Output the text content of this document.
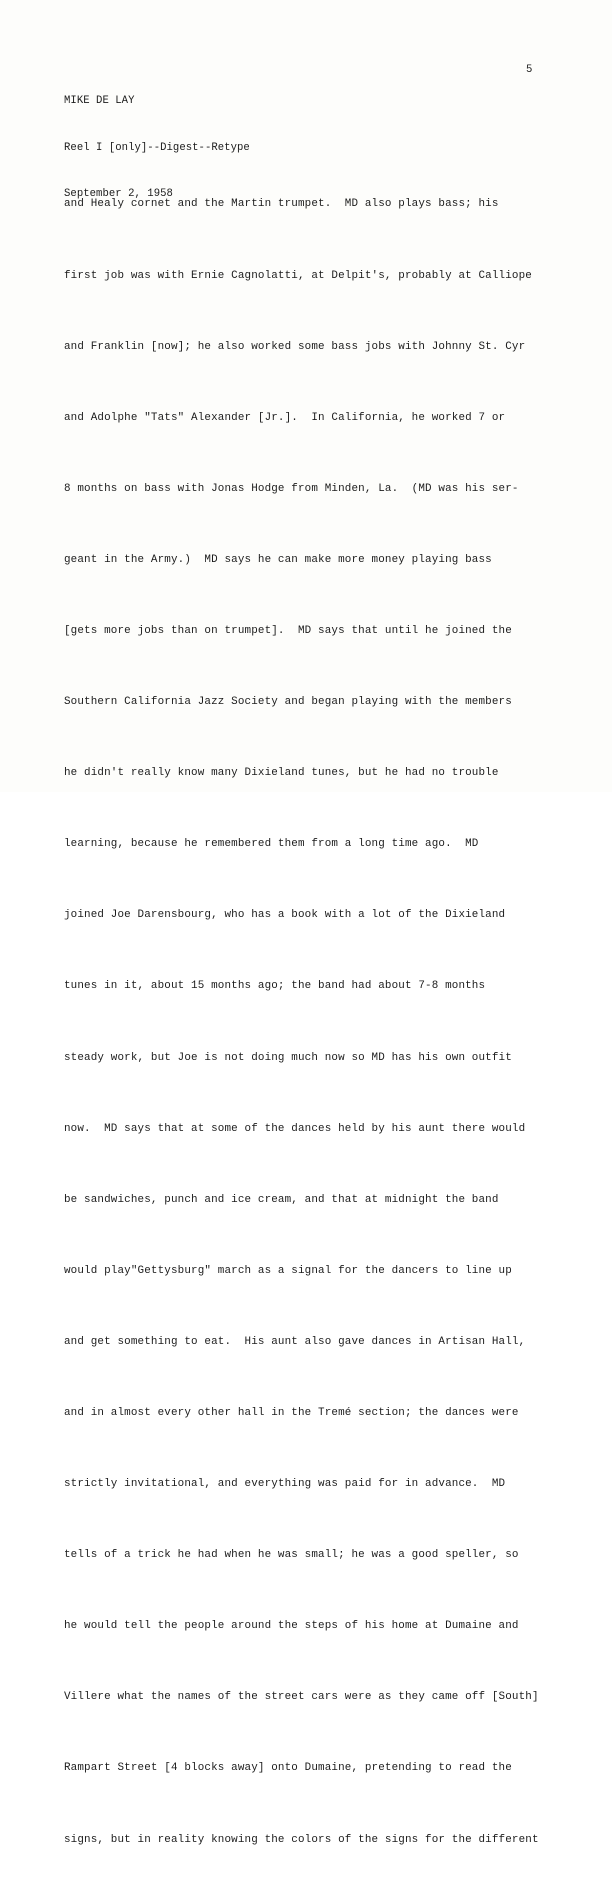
MIKE DE LAY

Reel I [only]--Digest--Retype

September 2, 1958

5

and Healy cornet and the Martin trumpet.  MD also plays bass; his

first job was with Ernie Cagnolatti, at Delpit's, probably at Calliope

and Franklin [now]; he also worked some bass jobs with Johnny St. Cyr

and Adolphe "Tats" Alexander [Jr.].  In California, he worked 7 or

8 months on bass with Jonas Hodge from Minden, La.  (MD was his ser-

geant in the Army.)  MD says he can make more money playing bass

[gets more jobs than on trumpet].  MD says that until he joined the

Southern California Jazz Society and began playing with the members

he didn't really know many Dixieland tunes, but he had no trouble

learning, because he remembered them from a long time ago.  MD

joined Joe Darensbourg, who has a book with a lot of the Dixieland

tunes in it, about 15 months ago; the band had about 7-8 months

steady work, but Joe is not doing much now so MD has his own outfit

now.  MD says that at some of the dances held by his aunt there would

be sandwiches, punch and ice cream, and that at midnight the band

would play"Gettysburg" march as a signal for the dancers to line up

and get something to eat.  His aunt also gave dances in Artisan Hall,

and in almost every other hall in the Tremé section; the dances were

strictly invitational, and everything was paid for in advance.  MD

tells of a trick he had when he was small; he was a good speller, so

he would tell the people around the steps of his home at Dumaine and

Villere what the names of the street cars were as they came off [South]

Rampart Street [4 blocks away] onto Dumaine, pretending to read the

signs, but in reality knowing the colors of the signs for the different
